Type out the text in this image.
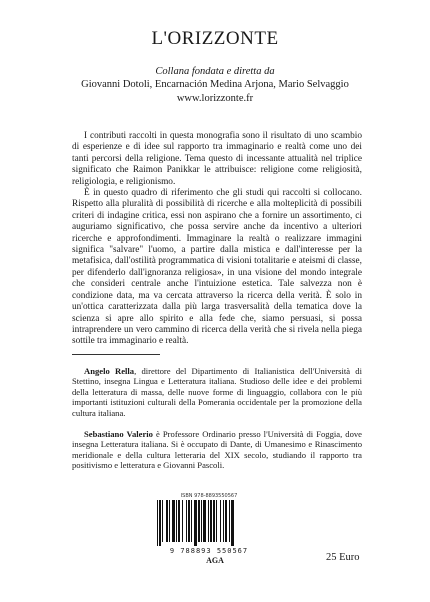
L'ORIZZONTE
Collana fondata e diretta da
Giovanni Dotoli, Encarnación Medina Arjona, Mario Selvaggio
www.lorizzonte.fr

I contributi raccolti in questa monografia sono il risultato di uno scambio di esperienze e di idee sul rapporto tra immaginario e realtà come uno dei tanti percorsi della religione. Tema questo di incessante attualità nel triplice significato che Raimon Panikkar le attribuisce: religione come religiosità, religiologia, e religionismo.

È in questo quadro di riferimento che gli studi qui raccolti si collocano. Rispetto alla pluralità di possibilità di ricerche e alla molteplicità di possibili criteri di indagine critica, essi non aspirano che a fornire un assortimento, ci auguriamo significativo, che possa servire anche da incentivo a ulteriori ricerche e approfondimenti. Immaginare la realtà o realizzare immagini significa "salvare" l'uomo, a partire dalla mistica e dall'interesse per la metafisica, dall'ostilità programmatica di visioni totalitarie e ateismi di classe, per difenderlo dall'ignoranza religiosa», in una visione del mondo integrale che consideri centrale anche l'intuizione estetica. Tale salvezza non è condizione data, ma va cercata attraverso la ricerca della verità. È solo in un'ottica caratterizzata dalla più larga trasversalità della tematica dove la scienza si apre allo spirito e alla fede che, siamo persuasi, si possa intraprendere un vero cammino di ricerca della verità che si rivela nella piega sottile tra immaginario e realtà.

Angelo Rella, direttore del Dipartimento di Italianistica dell'Università di Stettino, insegna Lingua e Letteratura italiana. Studioso delle idee e dei problemi della letteratura di massa, delle nuove forme di linguaggio, collabora con le più importanti istituzioni culturali della Pomerania occidentale per la promozione della cultura italiana.

Sebastiano Valerio è Professore Ordinario presso l'Università di Foggia, dove insegna Letteratura italiana. Si è occupato di Dante, di Umanesimo e Rinascimento meridionale e della cultura letteraria del XIX secolo, studiando il rapporto tra positivismo e letteratura e Giovanni Pascoli.

ISBN 978-8893550567
9 788893 550567
AGA	25 Euro
